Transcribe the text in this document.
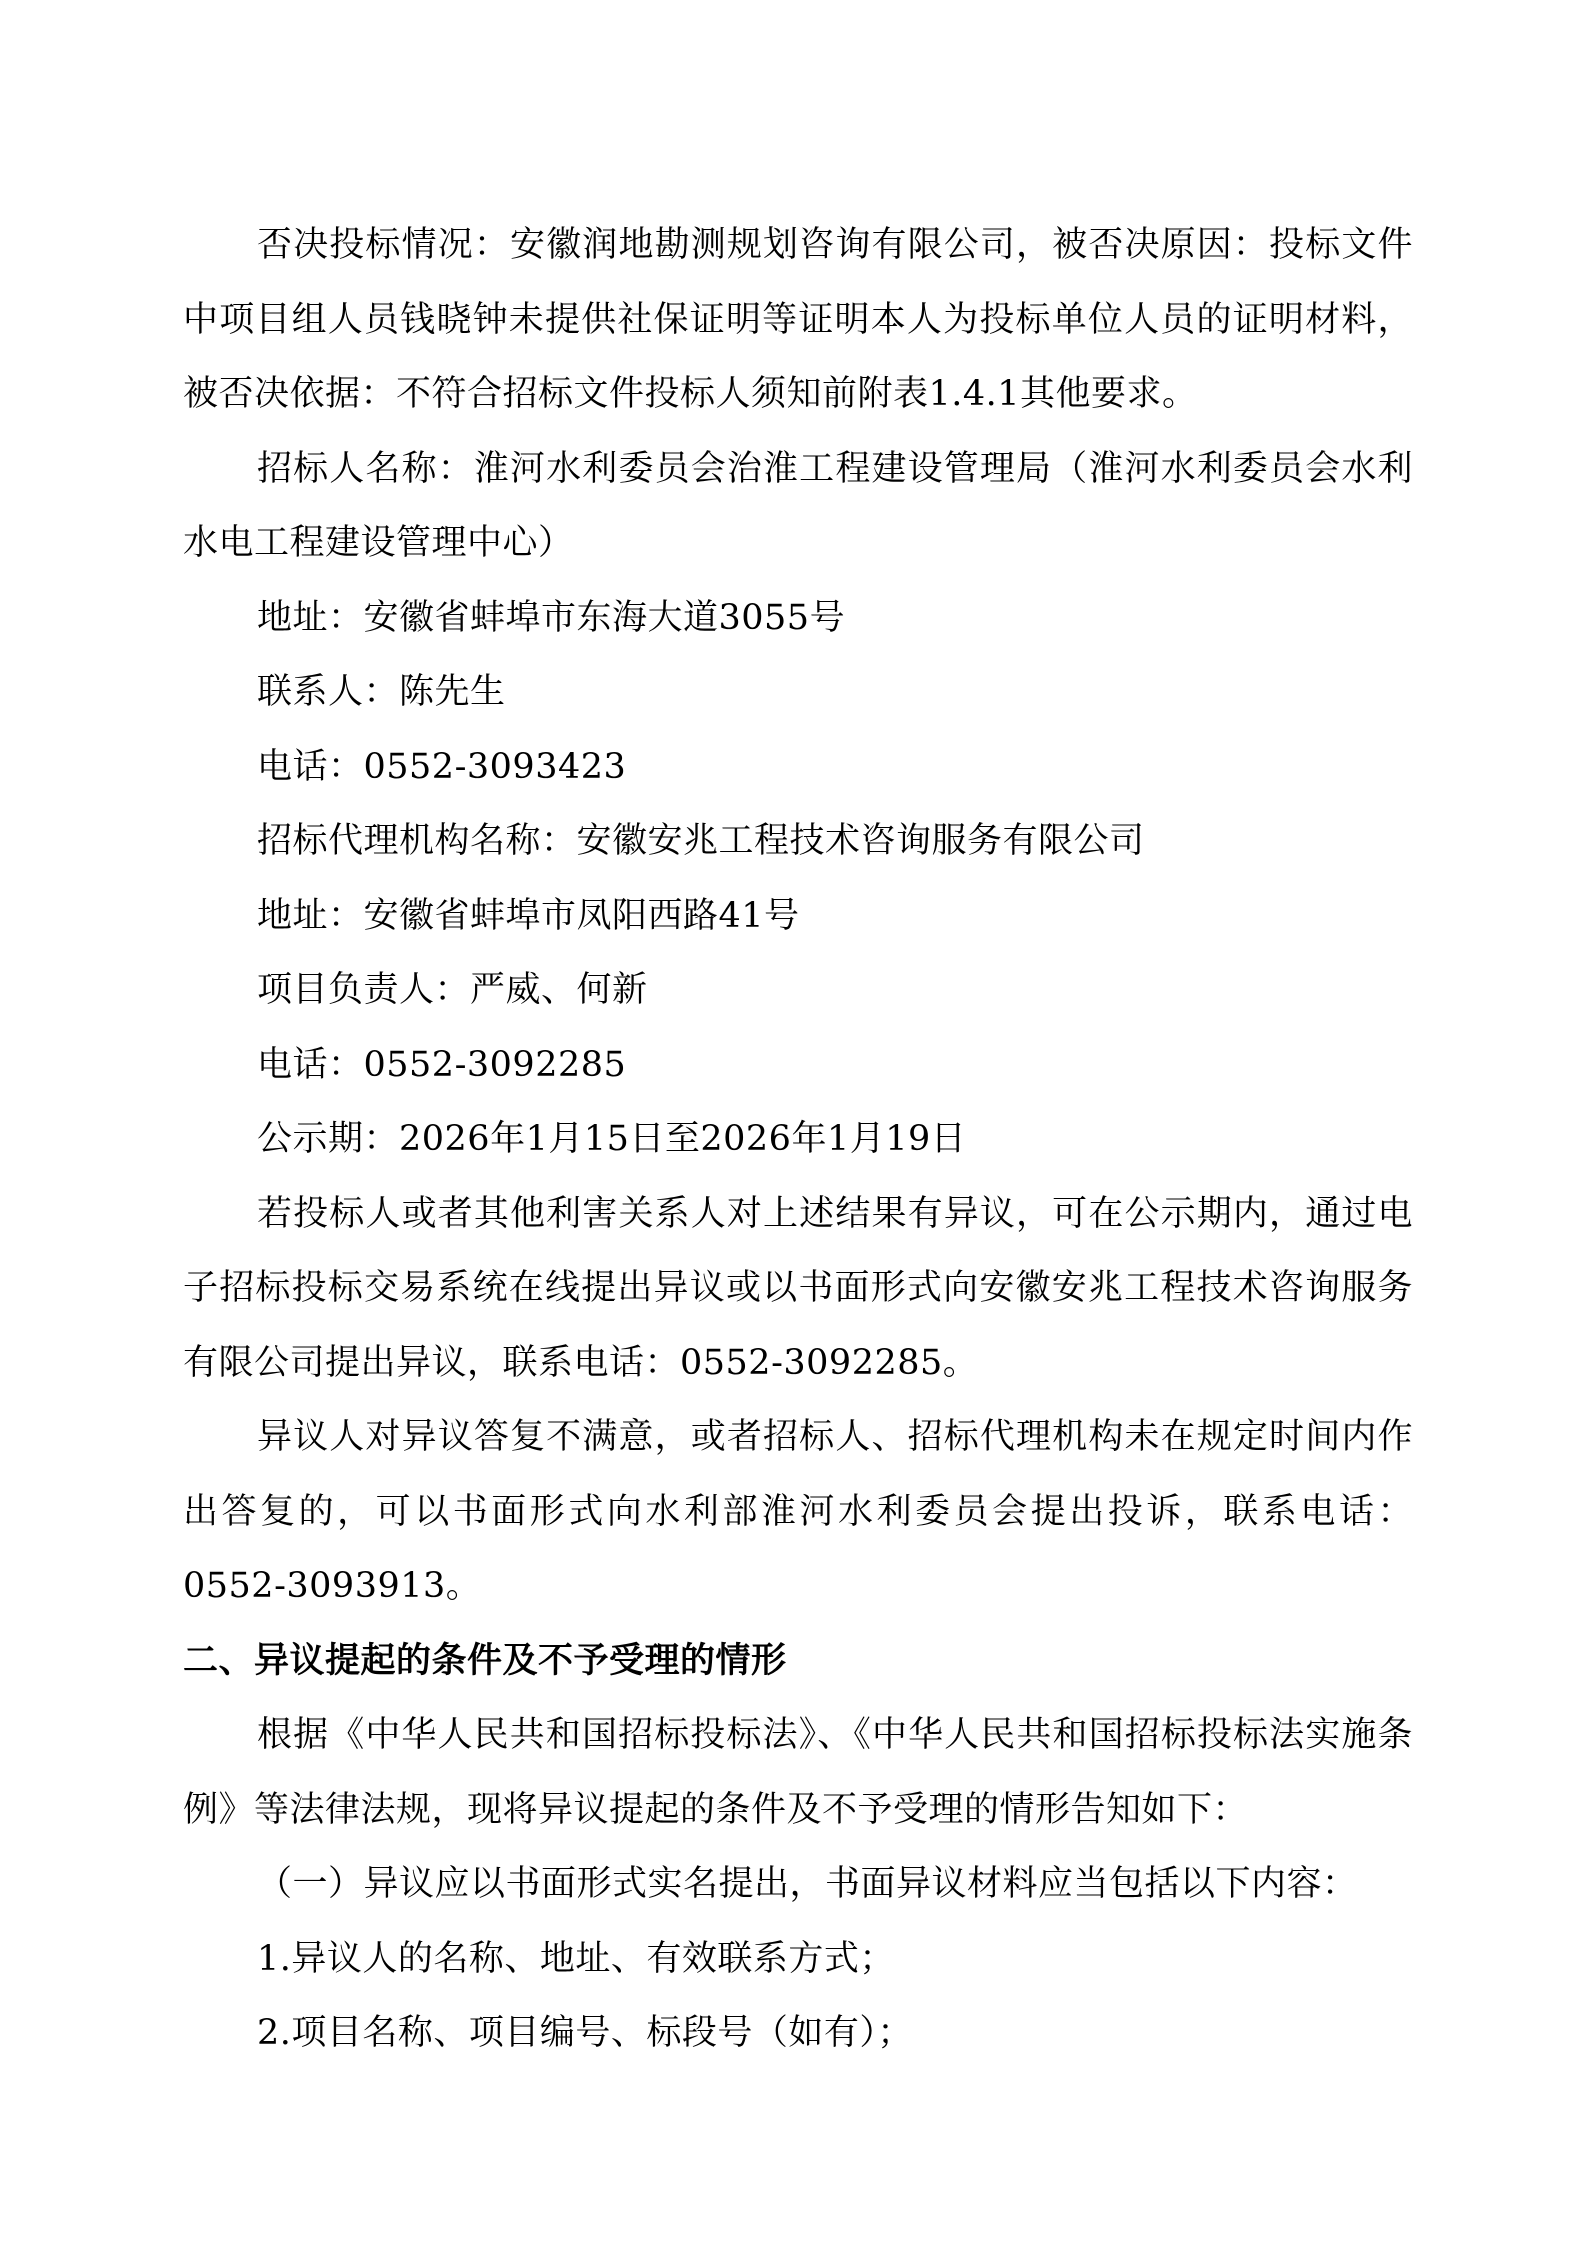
否决投标情况：安徽润地勘测规划咨询有限公司，被否决原因：投标文件中项目组人员钱晓钟未提供社保证明等证明本人为投标单位人员的证明材料，被否决依据：不符合招标文件投标人须知前附表1.4.1其他要求。

招标人名称：淮河水利委员会治淮工程建设管理局（淮河水利委员会水利水电工程建设管理中心）

地址：安徽省蚌埠市东海大道3055号

联系人：陈先生

电话：0552-3093423

招标代理机构名称：安徽安兆工程技术咨询服务有限公司

地址：安徽省蚌埠市凤阳西路41号

项目负责人：严威、何新

电话：0552-3092285

公示期：2026年1月15日至2026年1月19日

若投标人或者其他利害关系人对上述结果有异议，可在公示期内，通过电子招标投标交易系统在线提出异议或以书面形式向安徽安兆工程技术咨询服务有限公司提出异议，联系电话：0552-3092285。

异议人对异议答复不满意，或者招标人、招标代理机构未在规定时间内作出答复的，可以书面形式向水利部淮河水利委员会提出投诉，联系电话：0552-3093913。

二、异议提起的条件及不予受理的情形

根据《中华人民共和国招标投标法》、《中华人民共和国招标投标法实施条例》等法律法规，现将异议提起的条件及不予受理的情形告知如下：

（一）异议应以书面形式实名提出，书面异议材料应当包括以下内容：

1.异议人的名称、地址、有效联系方式；

2.项目名称、项目编号、标段号（如有）；
